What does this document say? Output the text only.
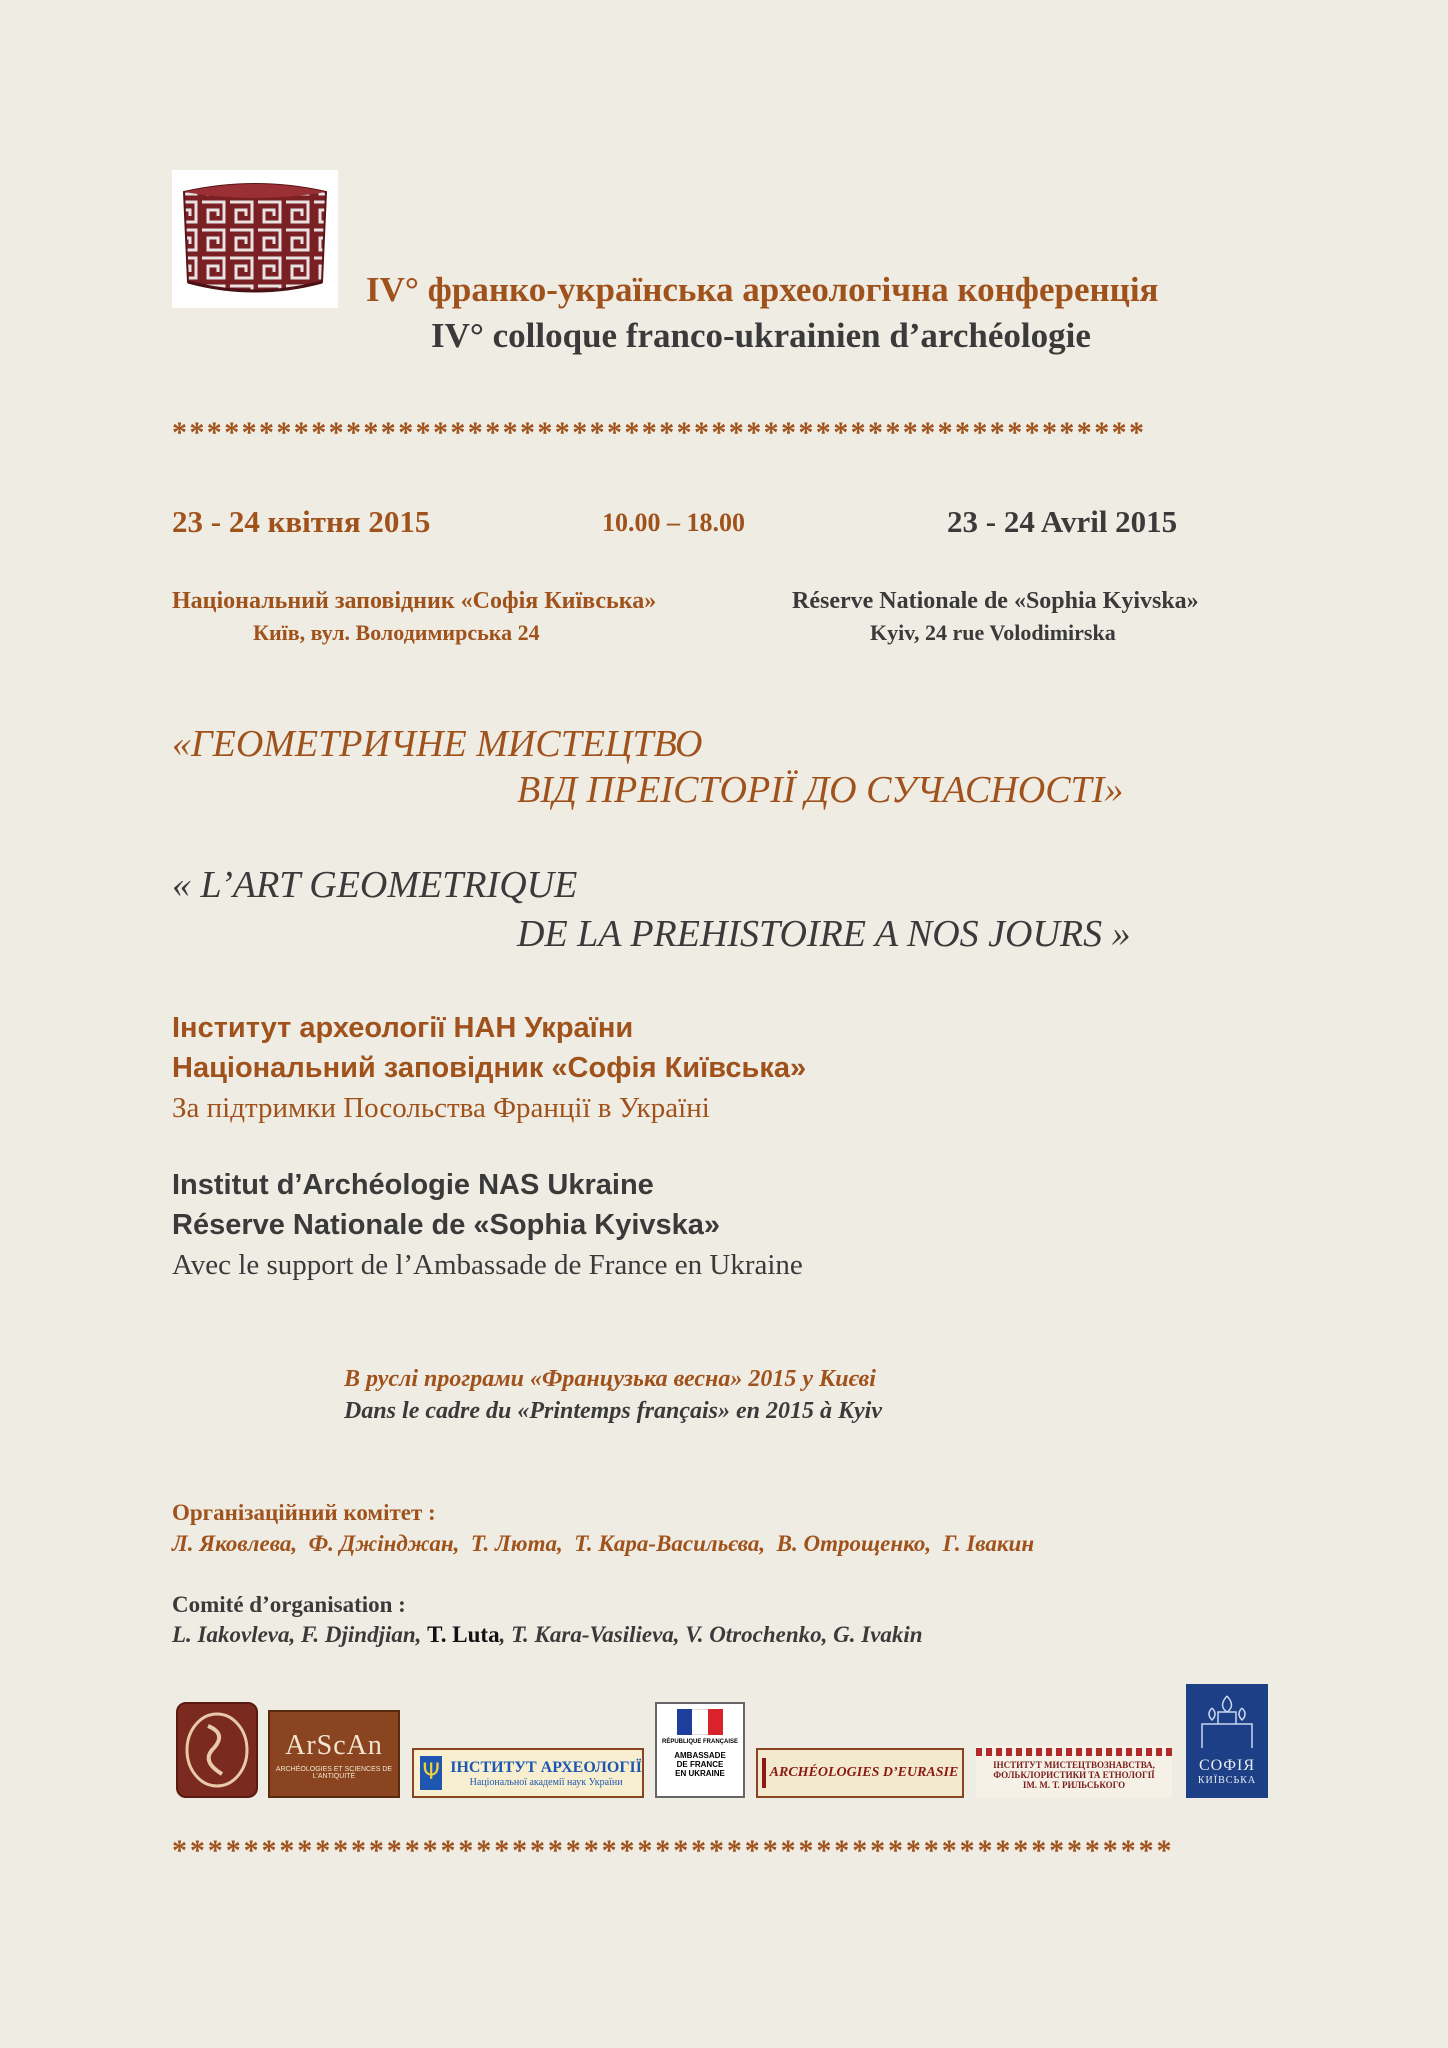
IV° франко-українська археологічна конференція
IV° colloque franco-ukrainien d’archéologie
********************************************************
23 - 24 квітня 2015	10.00 – 18.00	23 - 24 Avril 2015
Національний заповідник «Софія Київська»
Київ, вул. Володимирська 24
Réserve Nationale de «Sophia Kyivska»
Kyiv, 24 rue Volodimirska
«ГЕОМЕТРИЧНЕ МИСТЕЦТВО
ВІД ПРЕІСТОРІЇ ДО СУЧАСНОСТІ»
« L’ART GEOMETRIQUE
DE LA PREHISTOIRE A NOS JOURS »
Інститут археології НАН України
Національний заповідник «Софія Київська»
За підтримки Посольства Франції в Україні
Institut d’Archéologie NAS Ukraine
Réserve Nationale de «Sophia Kyivska»
Avec le support de l’Ambassade de France en Ukraine
В руслі програми «Французька весна» 2015 у Києві
Dans le cadre du «Printemps français» en 2015 à Kyiv
Організаційний комітет :
Л. Яковлева,  Ф. Джінджан,  Т. Люта,  Т. Кара-Васильєва,  В. Отрощенко,  Г. Івакин
Comité d’organisation :
L. Iakovleva, F. Djindjian, T. Luta, T. Kara-Vasilieva, V. Otrochenko, G. Ivakin
ArScAn
ARCHÉOLOGIES ET SCIENCES DE L’ANTIQUITÉ	Ψ ІНСТИТУТ АРХЕОЛОГІЇ
Національної академії наук України
RÉPUBLIQUE FRANÇAISE
AMBASSADE
DE FRANCE
EN UKRAINE	ARCHÉOLOGIES D’EURASIE	ІНСТИТУТ МИСТЕЦТВОЗНАВСТВА,
ФОЛЬКЛОРИСТИКИ ТА ЕТНОЛОГІЇ
ІМ. М. Т. РИЛЬСЬКОГО
СОФІЯ
КИЇВСЬКА
********************************************************
